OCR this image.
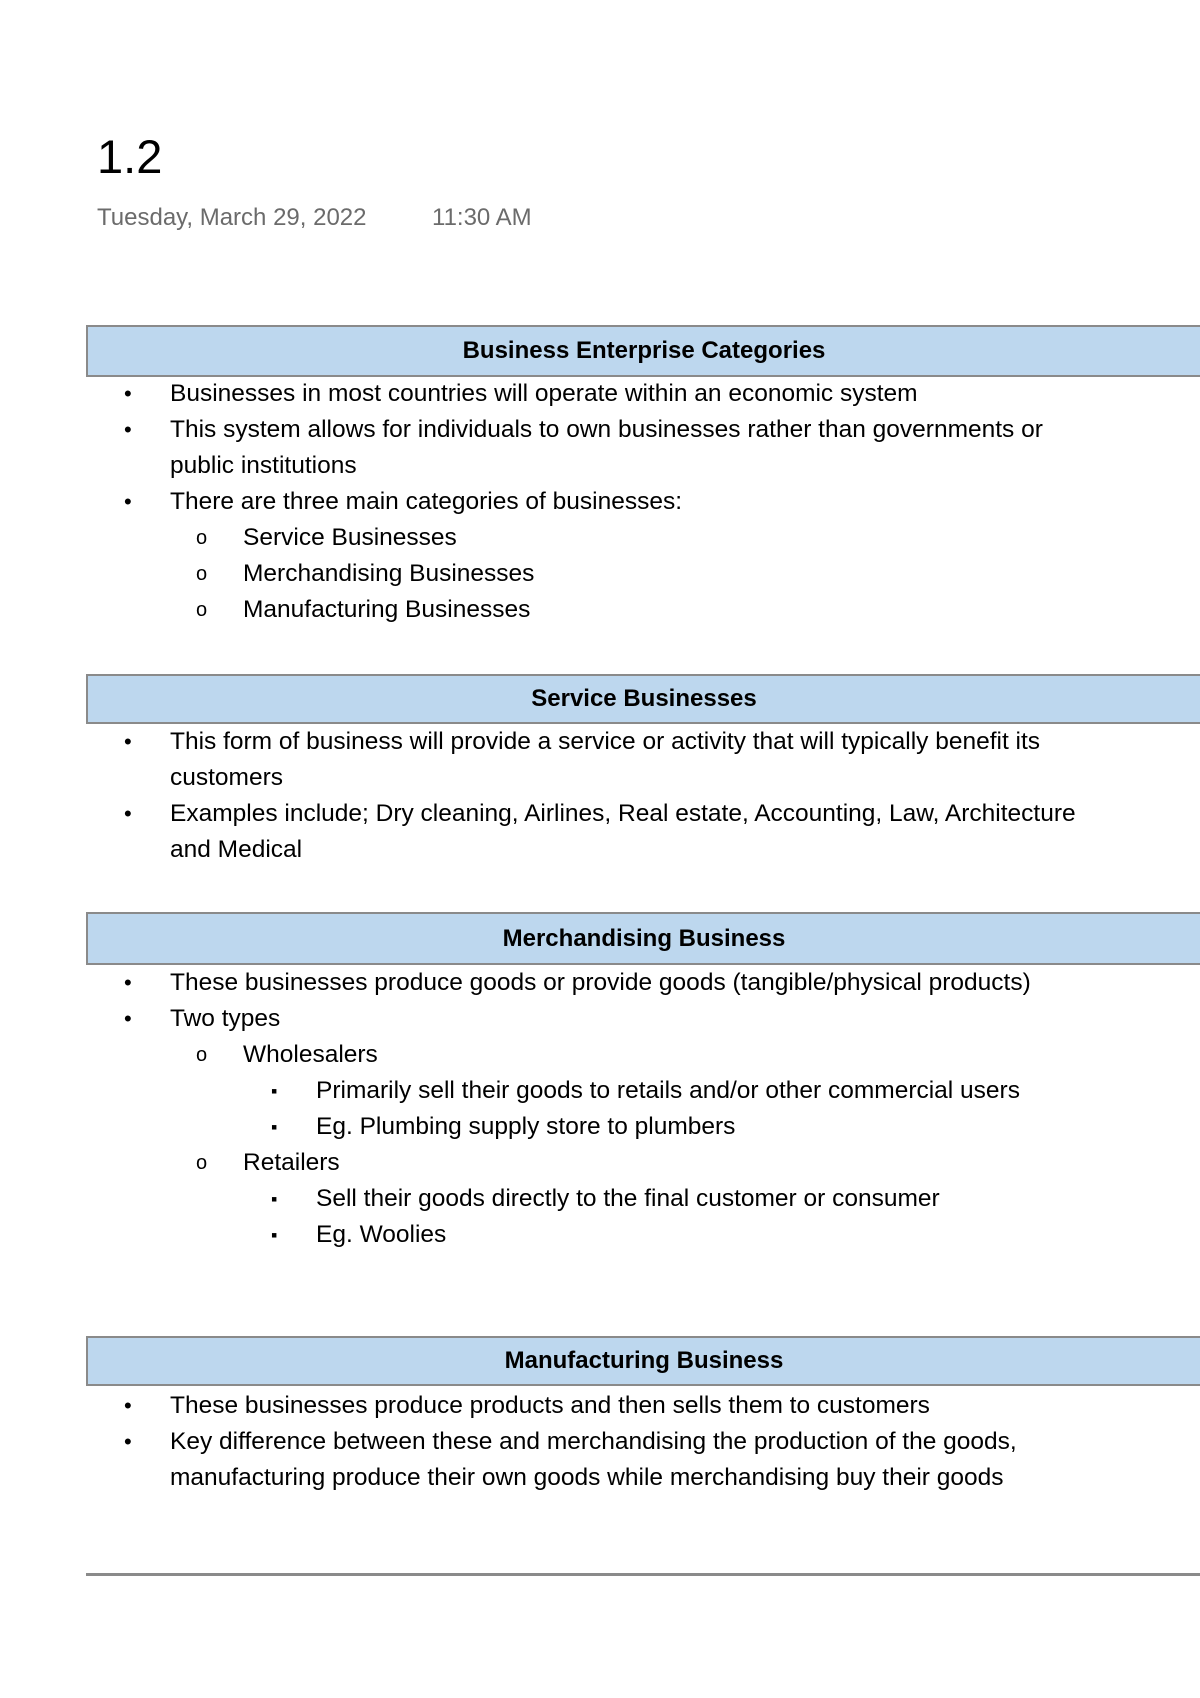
1.2
Tuesday, March 29, 2022	11:30 AM
Business Enterprise Categories
• Businesses in most countries will operate within an economic system
• This system allows for individuals to own businesses rather than governments or public institutions
• There are three main categories of businesses:
o Service Businesses
o Merchandising Businesses
o Manufacturing Businesses
Service Businesses
• This form of business will provide a service or activity that will typically benefit its customers
• Examples include; Dry cleaning, Airlines, Real estate, Accounting, Law, Architecture and Medical
Merchandising Business
• These businesses produce goods or provide goods (tangible/physical products)
• Two types
o Wholesalers
▪ Primarily sell their goods to retails and/or other commercial users
▪ Eg. Plumbing supply store to plumbers
o Retailers
▪ Sell their goods directly to the final customer or consumer
▪ Eg. Woolies
Manufacturing Business
• These businesses produce products and then sells them to customers
• Key difference between these and merchandising the production of the goods, manufacturing produce their own goods while merchandising buy their goods
